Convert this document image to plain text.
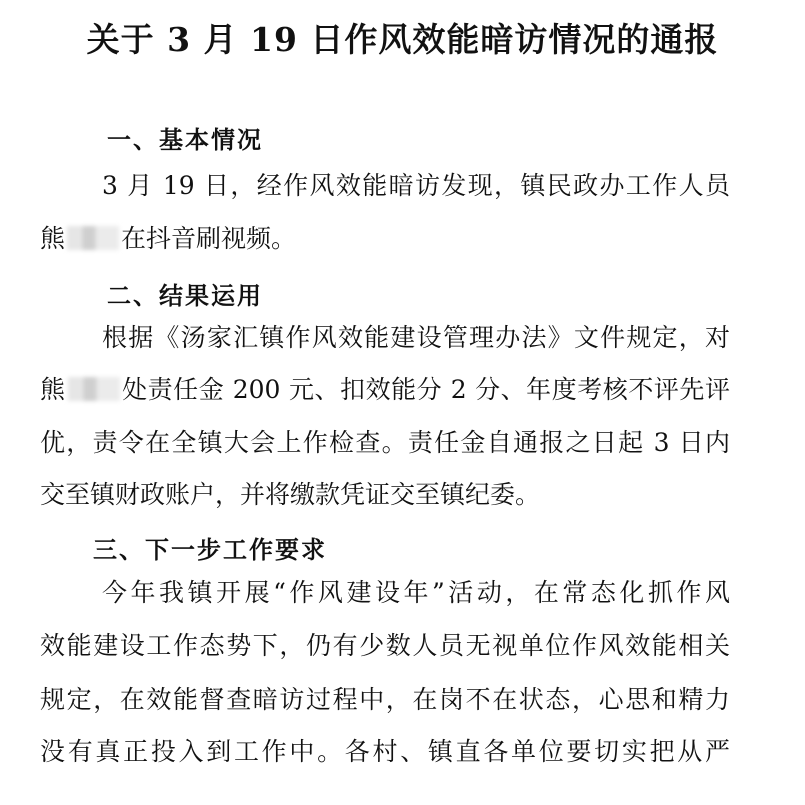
关于 3 月 19 日作风效能暗访情况的通报
一、基本情况
3 月 19 日，经作风效能暗访发现，镇民政办工作人员
熊 在抖音刷视频。
二、结果运用
根据《汤家汇镇作风效能建设管理办法》文件规定，对
熊 处责任金 200 元、扣效能分 2 分、年度考核不评先评
优，责令在全镇大会上作检查。责任金自通报之日起 3 日内
交至镇财政账户，并将缴款凭证交至镇纪委。
三、下一步工作要求
今年我镇开展“作风建设年”活动，在常态化抓作风
效能建设工作态势下，仍有少数人员无视单位作风效能相关
规定，在效能督查暗访过程中，在岗不在状态，心思和精力
没有真正投入到工作中。各村、镇直各单位要切实把从严
